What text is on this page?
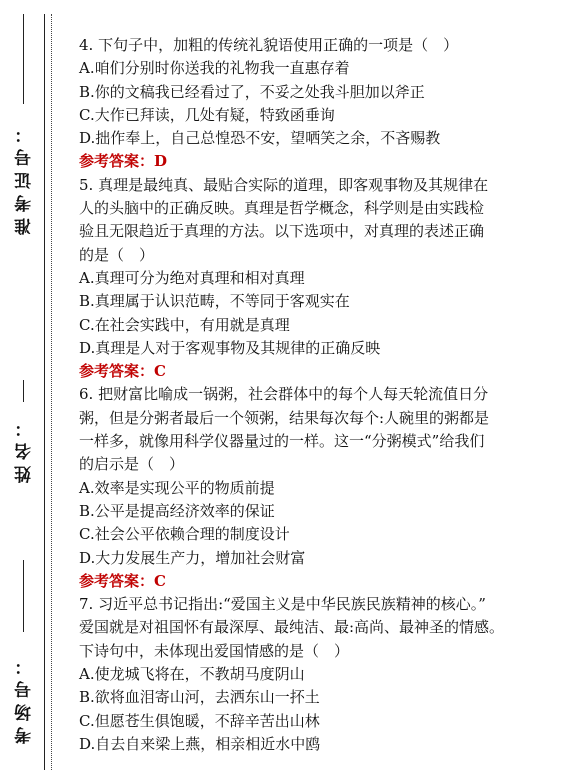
准考证号：
姓名：
考场号：
4. 下句子中，加粗的传统礼貌语使用正确的一项是（　）
A.咱们分别时你送我的礼物我一直惠存着
B.你的文稿我已经看过了，不妥之处我斗胆加以斧正
C.大作已拜读，几处有疑，特致函垂询
D.拙作奉上，自己总惶恐不安，望哂笑之余，不吝赐教
参考答案：D
5. 真理是最纯真、最贴合实际的道理，即客观事物及其规律在
人的头脑中的正确反映。真理是哲学概念，科学则是由实践检
验且无限趋近于真理的方法。以下选项中，对真理的表述正确
的是（　）
A.真理可分为绝对真理和相对真理
B.真理属于认识范畴，不等同于客观实在
C.在社会实践中，有用就是真理
D.真理是人对于客观事物及其规律的正确反映
参考答案：C
6. 把财富比喻成一锅粥，社会群体中的每个人每天轮流值日分
粥，但是分粥者最后一个领粥，结果每次每个:人碗里的粥都是
一样多，就像用科学仪器量过的一样。这一“分粥模式”给我们
的启示是（　）
A.效率是实现公平的物质前提
B.公平是提高经济效率的保证
C.社会公平依赖合理的制度设计
D.大力发展生产力，增加社会财富
参考答案：C
7. 习近平总书记指出:“爱国主义是中华民族民族精神的核心。”
爱国就是对祖国怀有最深厚、最纯洁、最:高尚、最神圣的情感。
下诗句中，未体现出爱国情感的是（　）
A.使龙城飞将在，不教胡马度阴山
B.欲将血泪寄山河，去洒东山一抔土
C.但愿苍生俱饱暖，不辞辛苦出山林
D.自去自来梁上燕，相亲相近水中鸥
